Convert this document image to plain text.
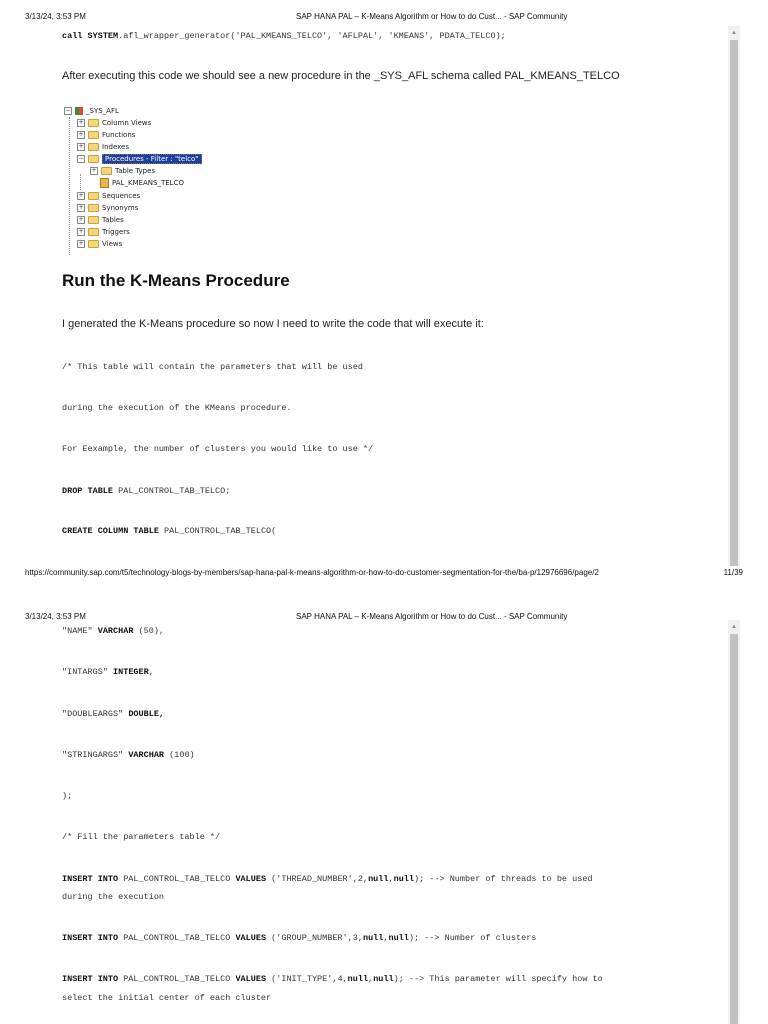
3/13/24, 3:53 PM	SAP HANA PAL – K-Means Algorithm or How to do Cust... - SAP Community
call SYSTEM.afl_wrapper_generator('PAL_KMEANS_TELCO', 'AFLPAL', 'KMEANS', PDATA_TELCO);
After executing this code we should see a new procedure in the _SYS_AFL schema called PAL_KMEANS_TELCO
− _SYS_AFL
+	Column Views
+	Functions
+	Indexes
−	Procedures - Filter : "telco"
+	Table Types
PAL_KMEANS_TELCO
+	Sequences
+	Synonyms
+	Tables
+	Triggers
+	Views
Run the K-Means Procedure
I generated the K-Means procedure so now I need to write the code that will execute it:
/* This table will contain the parameters that will be used
during the execution of the KMeans procedure.
For Eexample, the number of clusters you would like to use */
DROP TABLE PAL_CONTROL_TAB_TELCO;
CREATE COLUMN TABLE PAL_CONTROL_TAB_TELCO(
▲
https://community.sap.com/t5/technology-blogs-by-members/sap-hana-pal-k-means-algorithm-or-how-to-do-customer-segmentation-for-the/ba-p/12976696/page/2	11/39
3/13/24, 3:53 PM	SAP HANA PAL – K-Means Algorithm or How to do Cust... - SAP Community
"NAME" VARCHAR (50),
"INTARGS" INTEGER,
"DOUBLEARGS" DOUBLE,
"STRINGARGS" VARCHAR (100)
);
/* Fill the parameters table */
INSERT INTO PAL_CONTROL_TAB_TELCO VALUES ('THREAD_NUMBER',2,null,null); --> Number of threads to be used
during the execution
INSERT INTO PAL_CONTROL_TAB_TELCO VALUES ('GROUP_NUMBER',3,null,null); --> Number of clusters
INSERT INTO PAL_CONTROL_TAB_TELCO VALUES ('INIT_TYPE',4,null,null); --> This parameter will specify how to
select the initial center of each cluster
▲
